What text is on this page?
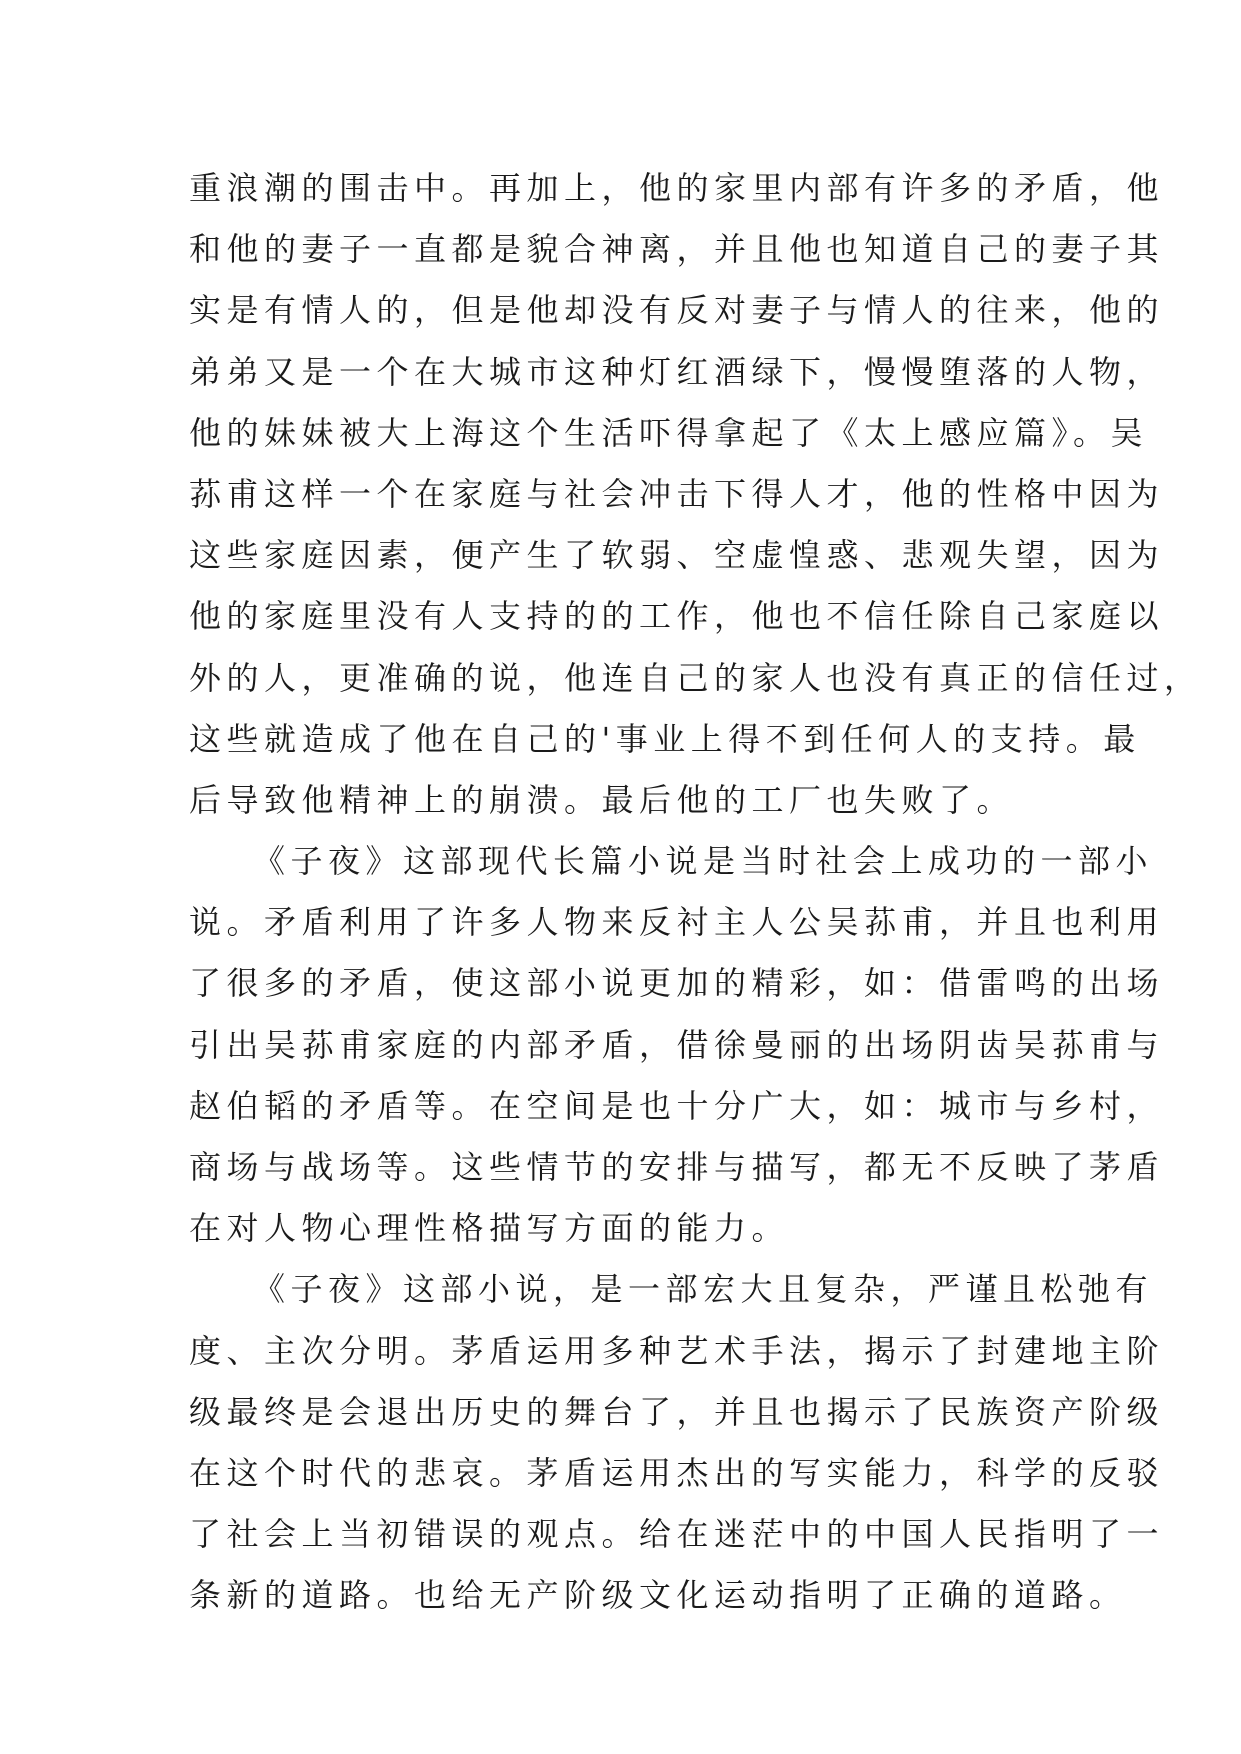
重浪潮的围击中。再加上，他的家里内部有许多的矛盾，他
和他的妻子一直都是貌合神离，并且他也知道自己的妻子其
实是有情人的，但是他却没有反对妻子与情人的往来，他的
弟弟又是一个在大城市这种灯红酒绿下，慢慢堕落的人物，
他的妹妹被大上海这个生活吓得拿起了《太上感应篇》。吴
荪甫这样一个在家庭与社会冲击下得人才，他的性格中因为
这些家庭因素，便产生了软弱、空虚惶惑、悲观失望，因为
他的家庭里没有人支持的的工作，他也不信任除自己家庭以
外的人，更准确的说，他连自己的家人也没有真正的信任过，
这些就造成了他在自己的'事业上得不到任何人的支持。最
后导致他精神上的崩溃。最后他的工厂也失败了。
《子夜》这部现代长篇小说是当时社会上成功的一部小
说。矛盾利用了许多人物来反衬主人公吴荪甫，并且也利用
了很多的矛盾，使这部小说更加的精彩，如：借雷鸣的出场
引出吴荪甫家庭的内部矛盾，借徐曼丽的出场阴齿吴荪甫与
赵伯韬的矛盾等。在空间是也十分广大，如：城市与乡村，
商场与战场等。这些情节的安排与描写，都无不反映了茅盾
在对人物心理性格描写方面的能力。
《子夜》这部小说，是一部宏大且复杂，严谨且松弛有
度、主次分明。茅盾运用多种艺术手法，揭示了封建地主阶
级最终是会退出历史的舞台了，并且也揭示了民族资产阶级
在这个时代的悲哀。茅盾运用杰出的写实能力，科学的反驳
了社会上当初错误的观点。给在迷茫中的中国人民指明了一
条新的道路。也给无产阶级文化运动指明了正确的道路。
